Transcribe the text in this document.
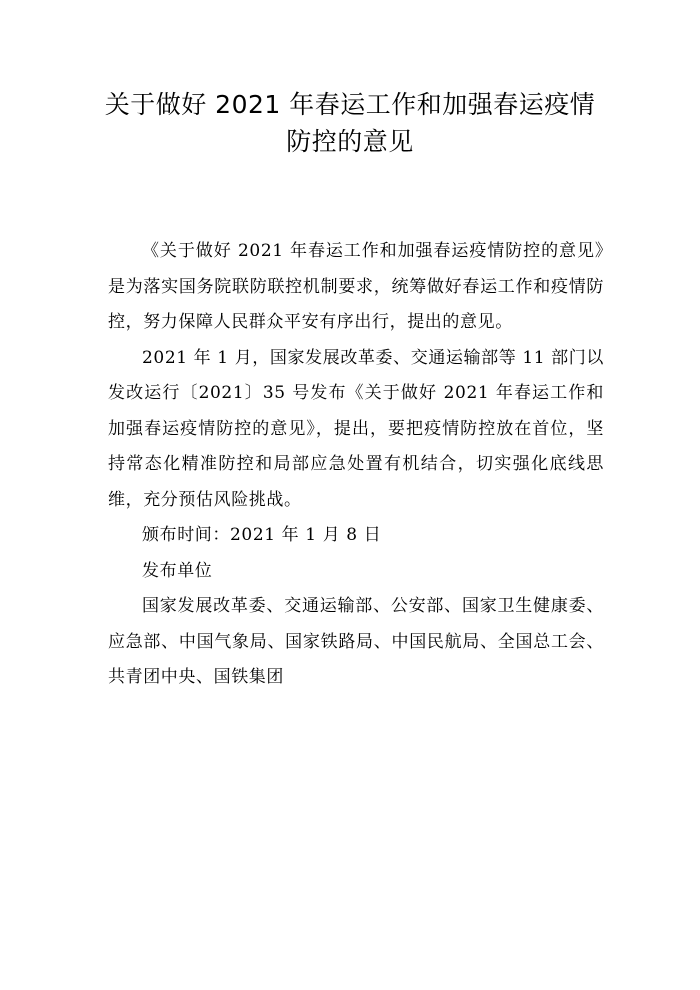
关于做好 2021 年春运工作和加强春运疫情
防控的意见

《关于做好 2021 年春运工作和加强春运疫情防控的意见》是为落实国务院联防联控机制要求，统筹做好春运工作和疫情防控，努力保障人民群众平安有序出行，提出的意见。

2021 年 1 月，国家发展改革委、交通运输部等 11 部门以发改运行〔2021〕35 号发布《关于做好 2021 年春运工作和加强春运疫情防控的意见》，提出，要把疫情防控放在首位，坚持常态化精准防控和局部应急处置有机结合，切实强化底线思维，充分预估风险挑战。

颁布时间：2021 年 1 月 8 日

发布单位

国家发展改革委、交通运输部、公安部、国家卫生健康委、应急部、中国气象局、国家铁路局、中国民航局、全国总工会、共青团中央、国铁集团
